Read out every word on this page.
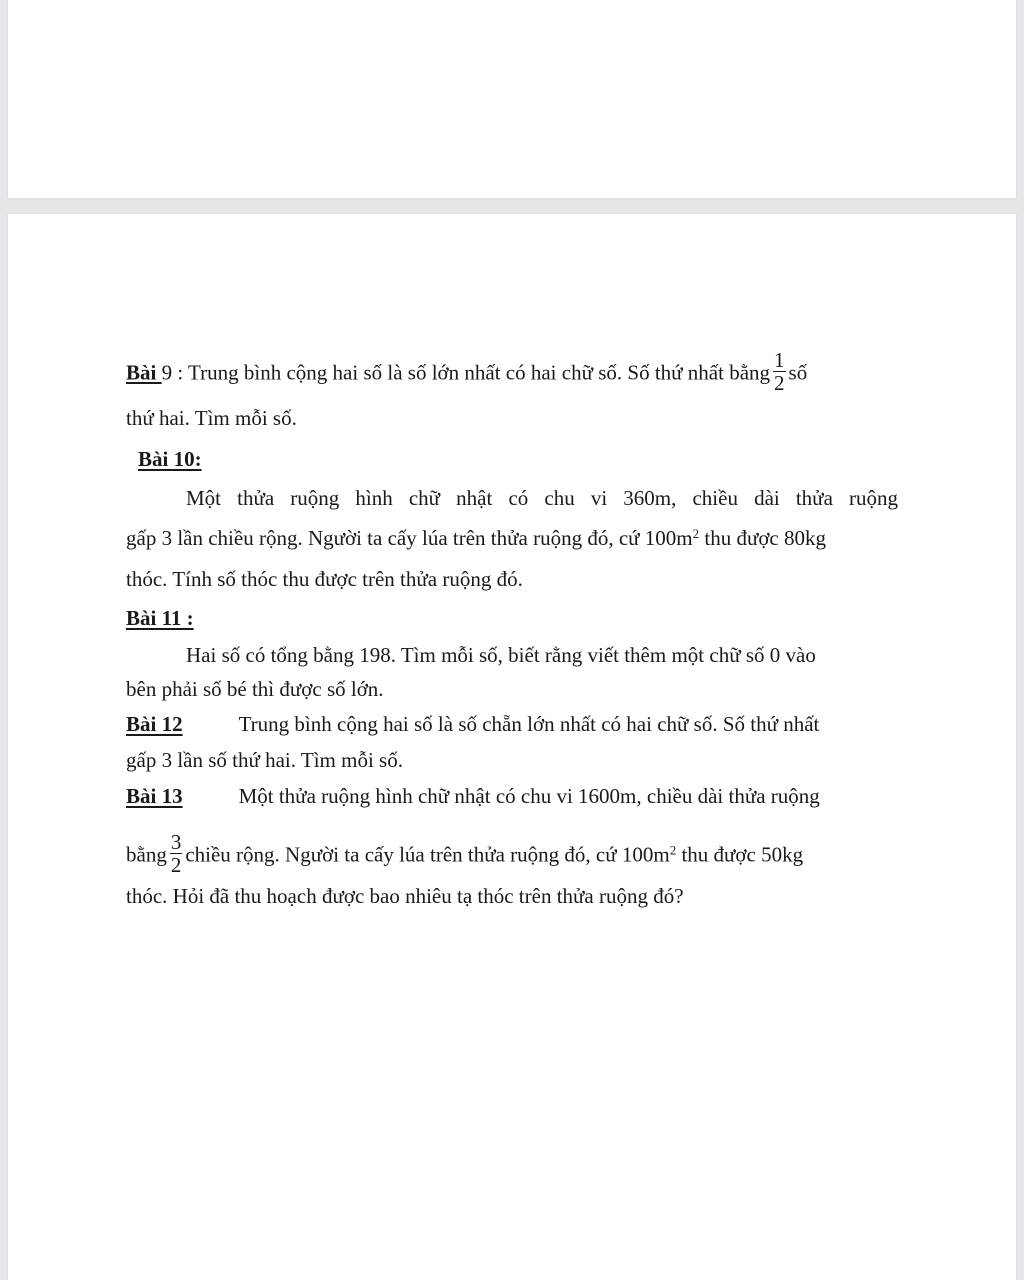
Bài 9 : Trung bình cộng hai số là số lớn nhất có hai chữ số. Số thứ nhất bằng $\frac{1}{2}$ số
thứ hai. Tìm mỗi số.
Bài 10:
Một thửa ruộng hình chữ nhật có chu vi 360m, chiều dài thửa ruộng
gấp 3 lần chiều rộng. Người ta cấy lúa trên thửa ruộng đó, cứ $100m^2$ thu được 80kg
thóc. Tính số thóc thu được trên thửa ruộng đó.
Bài 11 :
Hai số có tổng bằng 198. Tìm mỗi số, biết rằng viết thêm một chữ số 0 vào
bên phải số bé thì được số lớn.
Bài 12	Trung bình cộng hai số là số chẵn lớn nhất có hai chữ số. Số thứ nhất
gấp 3 lần số thứ hai. Tìm mỗi số.
Bài 13	Một thửa ruộng hình chữ nhật có chu vi 1600m, chiều dài thửa ruộng
bằng $\frac{3}{2}$ chiều rộng. Người ta cấy lúa trên thửa ruộng đó, cứ $100m^2$ thu được 50kg
thóc. Hỏi đã thu hoạch được bao nhiêu tạ thóc trên thửa ruộng đó?
